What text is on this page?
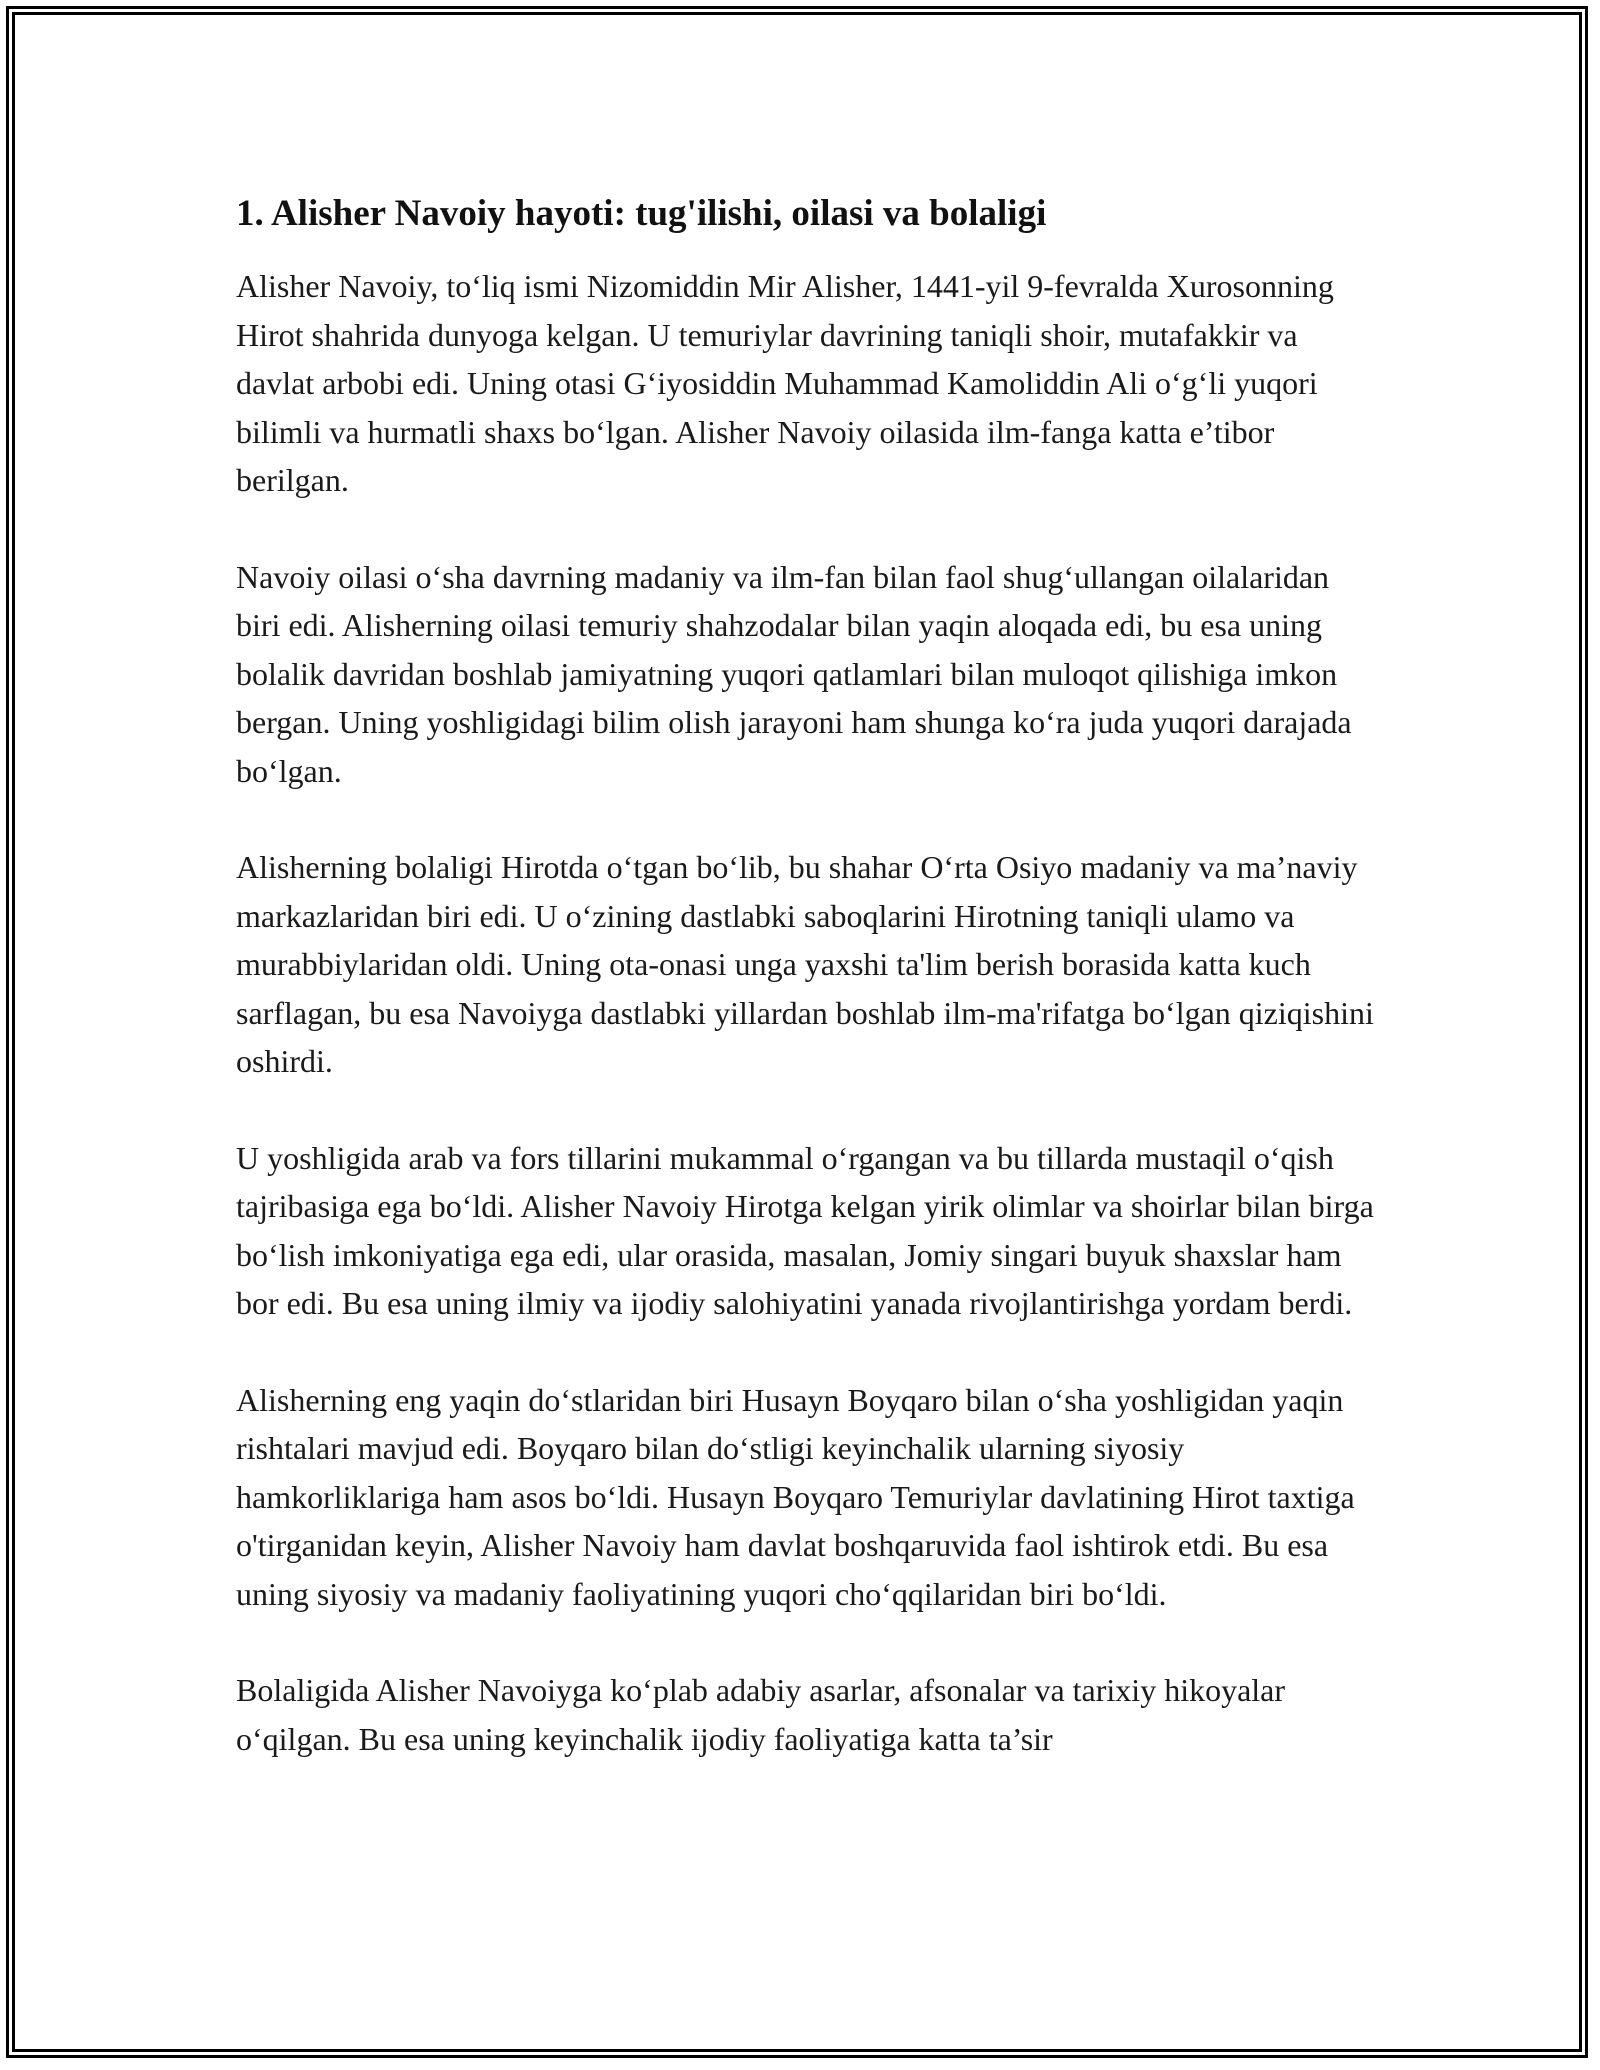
1. Alisher Navoiy hayoti: tug'ilishi, oilasi va bolaligi

Alisher Navoiy, to‘liq ismi Nizomiddin Mir Alisher, 1441-yil 9-fevralda Xurosonning Hirot shahrida dunyoga kelgan. U temuriylar davrining taniqli shoir, mutafakkir va davlat arbobi edi. Uning otasi G‘iyosiddin Muhammad Kamoliddin Ali o‘g‘li yuqori bilimli va hurmatli shaxs bo‘lgan. Alisher Navoiy oilasida ilm-fanga katta e’tibor berilgan.

Navoiy oilasi o‘sha davrning madaniy va ilm-fan bilan faol shug‘ullangan oilalaridan biri edi. Alisherning oilasi temuriy shahzodalar bilan yaqin aloqada edi, bu esa uning bolalik davridan boshlab jamiyatning yuqori qatlamlari bilan muloqot qilishiga imkon bergan. Uning yoshligidagi bilim olish jarayoni ham shunga ko‘ra juda yuqori darajada bo‘lgan.

Alisherning bolaligi Hirotda o‘tgan bo‘lib, bu shahar O‘rta Osiyo madaniy va ma’naviy markazlaridan biri edi. U o‘zining dastlabki saboqlarini Hirotning taniqli ulamo va murabbiylaridan oldi. Uning ota-onasi unga yaxshi ta'lim berish borasida katta kuch sarflagan, bu esa Navoiyga dastlabki yillardan boshlab ilm-ma'rifatga bo‘lgan qiziqishini oshirdi.

U yoshligida arab va fors tillarini mukammal o‘rgangan va bu tillarda mustaqil o‘qish tajribasiga ega bo‘ldi. Alisher Navoiy Hirotga kelgan yirik olimlar va shoirlar bilan birga bo‘lish imkoniyatiga ega edi, ular orasida, masalan, Jomiy singari buyuk shaxslar ham bor edi. Bu esa uning ilmiy va ijodiy salohiyatini yanada rivojlantirishga yordam berdi.

Alisherning eng yaqin do‘stlaridan biri Husayn Boyqaro bilan o‘sha yoshligidan yaqin rishtalari mavjud edi. Boyqaro bilan do‘stligi keyinchalik ularning siyosiy hamkorliklariga ham asos bo‘ldi. Husayn Boyqaro Temuriylar davlatining Hirot taxtiga o'tirganidan keyin, Alisher Navoiy ham davlat boshqaruvida faol ishtirok etdi. Bu esa uning siyosiy va madaniy faoliyatining yuqori cho‘qqilaridan biri bo‘ldi.

Bolaligida Alisher Navoiyga ko‘plab adabiy asarlar, afsonalar va tarixiy hikoyalar o‘qilgan. Bu esa uning keyinchalik ijodiy faoliyatiga katta ta’sir
